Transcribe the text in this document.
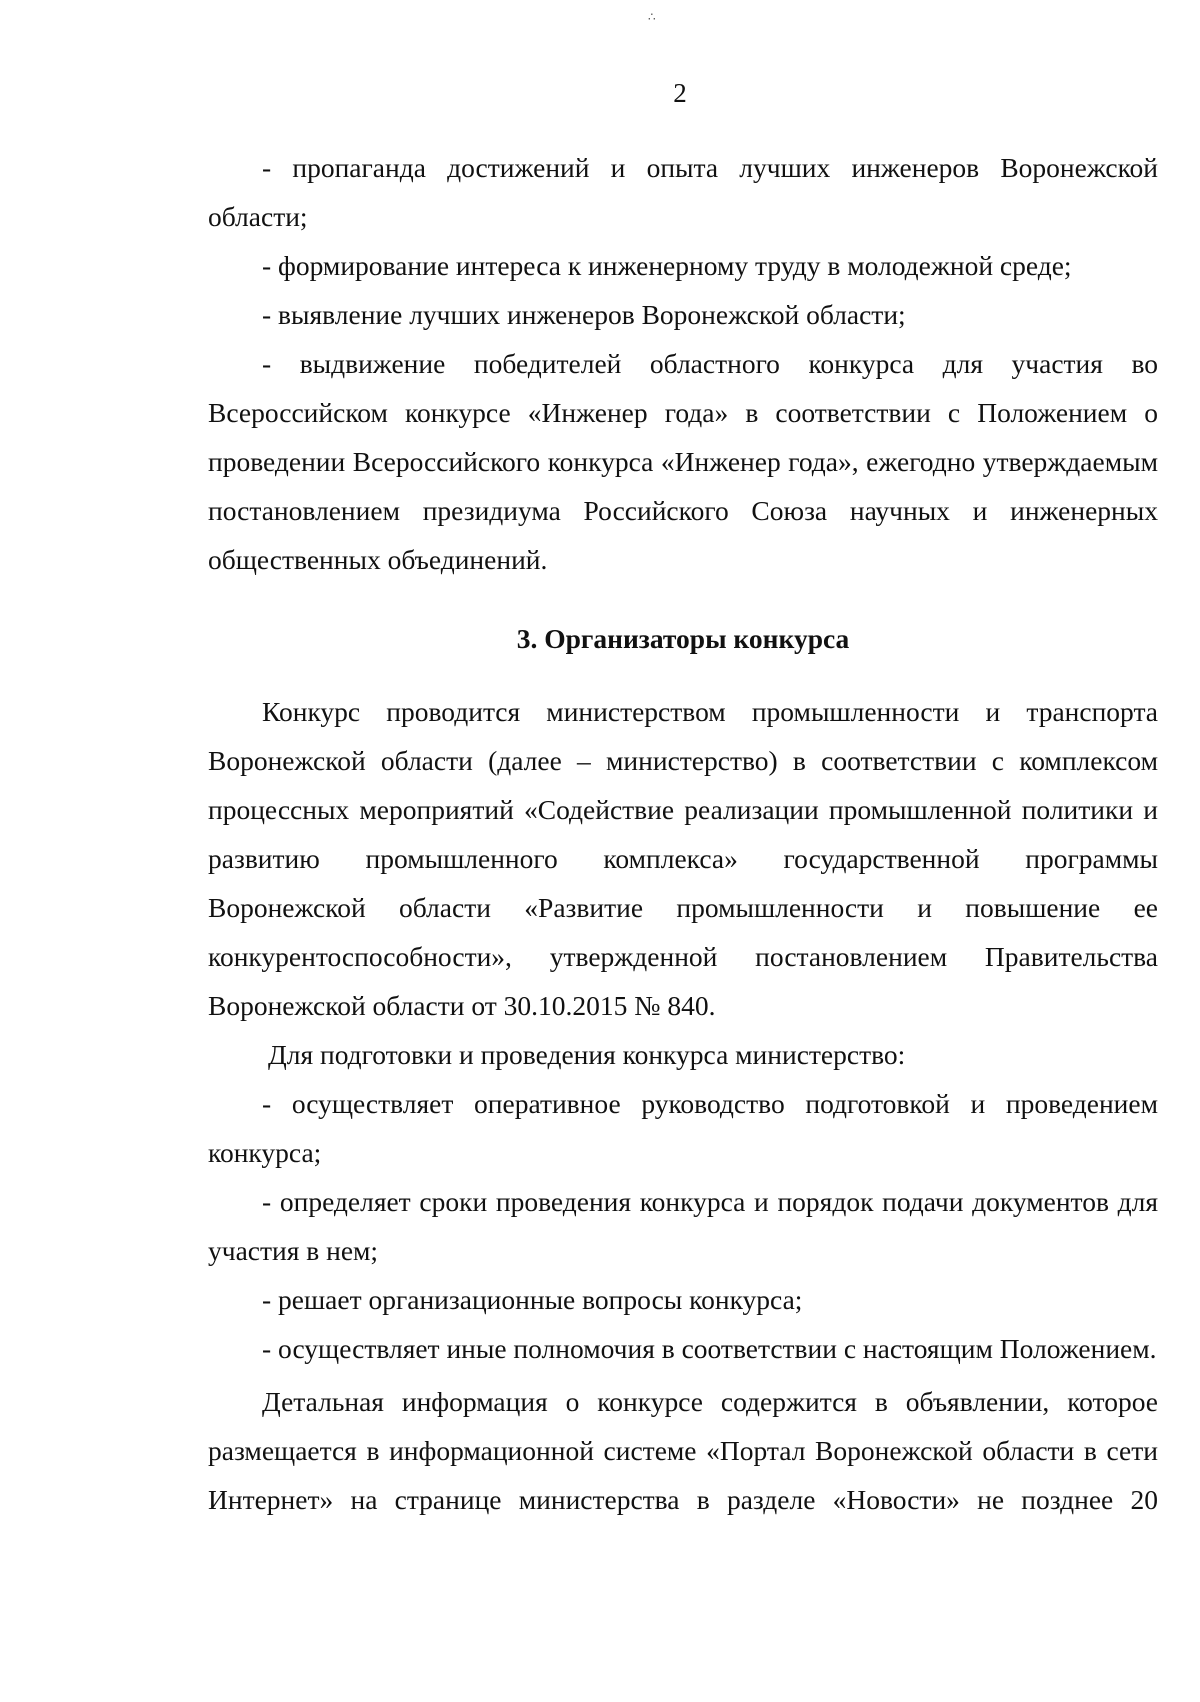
∴
2

- пропаганда достижений и опыта лучших инженеров Воронежской области;

- формирование интереса к инженерному труду в молодежной среде;

- выявление лучших инженеров Воронежской области;

- выдвижение победителей областного конкурса для участия во Всероссийском конкурсе «Инженер года» в соответствии с Положением о проведении Всероссийского конкурса «Инженер года», ежегодно утверждаемым постановлением президиума Российского Союза научных и инженерных общественных объединений.

3. Организаторы конкурса

Конкурс проводится министерством промышленности и транспорта Воронежской области (далее – министерство) в соответствии с комплексом процессных мероприятий «Содействие реализации промышленной политики и развитию промышленного комплекса» государственной программы Воронежской области «Развитие промышленности и повышение ее конкурентоспособности», утвержденной постановлением Правительства Воронежской области от 30.10.2015 № 840.

Для подготовки и проведения конкурса министерство:

- осуществляет оперативное руководство подготовкой и проведением конкурса;

- определяет сроки проведения конкурса и порядок подачи документов для участия в нем;

- решает организационные вопросы конкурса;

- осуществляет иные полномочия в соответствии с настоящим Положением.

Детальная информация о конкурсе содержится в объявлении, которое размещается в информационной системе «Портал Воронежской области в сети Интернет» на странице министерства в разделе «Новости» не позднее 20
